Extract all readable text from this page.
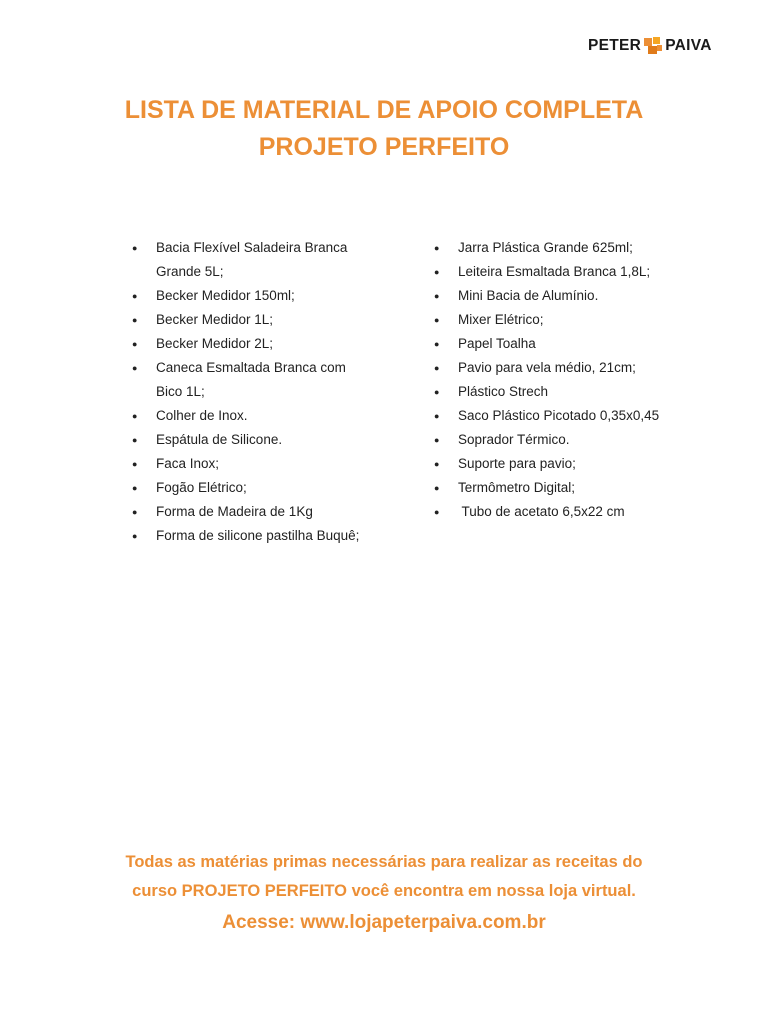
PETER PAIVA
LISTA DE MATERIAL DE APOIO COMPLETA
PROJETO PERFEITO
● Bacia Flexível Saladeira Branca Grande 5L;
● Becker Medidor 150ml;
● Becker Medidor 1L;
● Becker Medidor 2L;
● Caneca Esmaltada Branca com Bico 1L;
● Colher de Inox.
● Espátula de Silicone.
● Faca Inox;
● Fogão Elétrico;
● Forma de Madeira de 1Kg
● Forma de silicone pastilha Buquê;
● Jarra Plástica Grande 625ml;
● Leiteira Esmaltada Branca 1,8L;
● Mini Bacia de Alumínio.
● Mixer Elétrico;
● Papel Toalha
● Pavio para vela médio, 21cm;
● Plástico Strech
● Saco Plástico Picotado 0,35x0,45
● Soprador Térmico.
● Suporte para pavio;
● Termômetro Digital;
●  Tubo de acetato 6,5x22 cm
Todas as matérias primas necessárias para realizar as receitas do
curso PROJETO PERFEITO você encontra em nossa loja virtual.
Acesse: www.lojapeterpaiva.com.br
